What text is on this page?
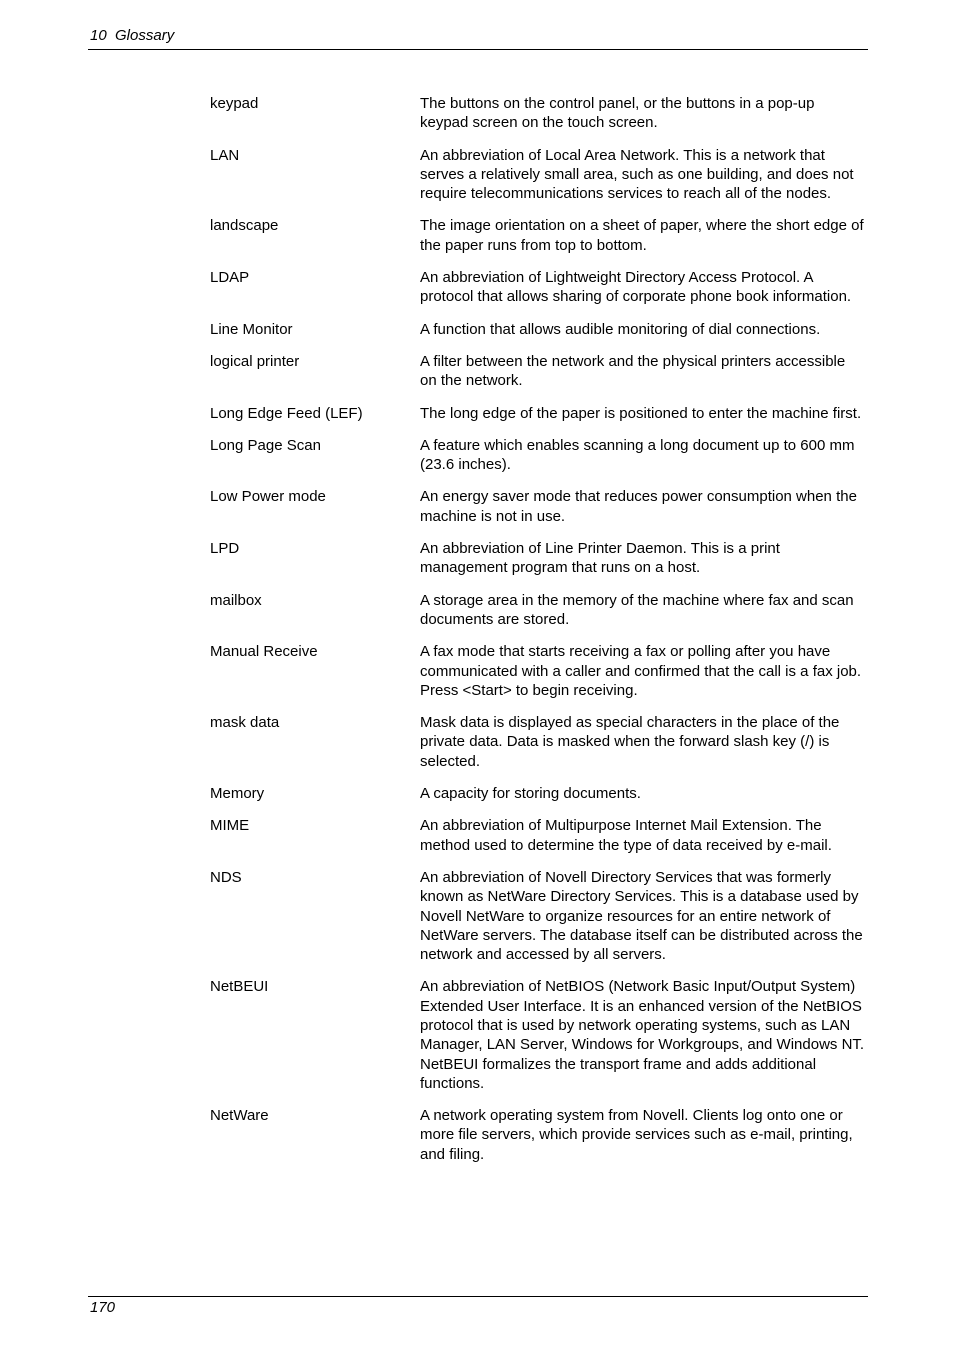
10  Glossary
keypad	The buttons on the control panel, or the buttons in a pop-up keypad screen on the touch screen.
LAN	An abbreviation of Local Area Network. This is a network that serves a relatively small area, such as one building, and does not require telecommunications services to reach all of the nodes.
landscape	The image orientation on a sheet of paper, where the short edge of the paper runs from top to bottom.
LDAP	An abbreviation of Lightweight Directory Access Protocol. A protocol that allows sharing of corporate phone book information.
Line Monitor	A function that allows audible monitoring of dial connections.
logical printer	A filter between the network and the physical printers accessible on the network.
Long Edge Feed (LEF)	The long edge of the paper is positioned to enter the machine first.
Long Page Scan	A feature which enables scanning a long document up to 600 mm (23.6 inches).
Low Power mode	An energy saver mode that reduces power consumption when the machine is not in use.
LPD	An abbreviation of Line Printer Daemon. This is a print management program that runs on a host.
mailbox	A storage area in the memory of the machine where fax and scan documents are stored.
Manual Receive	A fax mode that starts receiving a fax or polling after you have communicated with a caller and confirmed that the call is a fax job. Press <Start> to begin receiving.
mask data	Mask data is displayed as special characters in the place of the private data. Data is masked when the forward slash key (/) is selected.
Memory	A capacity for storing documents.
MIME	An abbreviation of Multipurpose Internet Mail Extension. The method used to determine the type of data received by e-mail.
NDS	An abbreviation of Novell Directory Services that was formerly known as NetWare Directory Services. This is a database used by Novell NetWare to organize resources for an entire network of NetWare servers. The database itself can be distributed across the network and accessed by all servers.
NetBEUI	An abbreviation of NetBIOS (Network Basic Input/Output System) Extended User Interface. It is an enhanced version of the NetBIOS protocol that is used by network operating systems, such as LAN Manager, LAN Server, Windows for Workgroups, and Windows NT. NetBEUI formalizes the transport frame and adds additional functions.
NetWare	A network operating system from Novell. Clients log onto one or more file servers, which provide services such as e-mail, printing, and filing.
170
